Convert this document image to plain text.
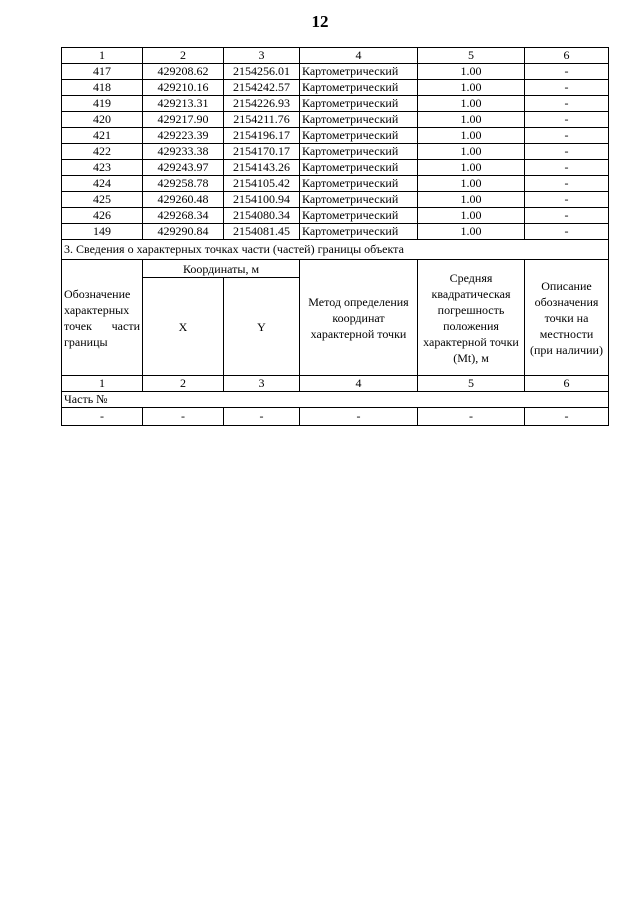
12
1	2	3	4	5	6
417	429208.62	2154256.01	Картометрический	1.00	-
418	429210.16	2154242.57	Картометрический	1.00	-
419	429213.31	2154226.93	Картометрический	1.00	-
420	429217.90	2154211.76	Картометрический	1.00	-
421	429223.39	2154196.17	Картометрический	1.00	-
422	429233.38	2154170.17	Картометрический	1.00	-
423	429243.97	2154143.26	Картометрический	1.00	-
424	429258.78	2154105.42	Картометрический	1.00	-
425	429260.48	2154100.94	Картометрический	1.00	-
426	429268.34	2154080.34	Картометрический	1.00	-
149	429290.84	2154081.45	Картометрический	1.00	-
3. Сведения о характерных точках части (частей) границы объекта					

Обозначение характерных точек части границы	Координаты, м		Метод определения координат характерной точки	Средняя квадратическая погрешность положения характерной точки (Mt), м	Описание обозначения точки на местности (при наличии)
	X	Y			
1	2	3	4	5	6
Часть №					
-	-	-	-	-	-
